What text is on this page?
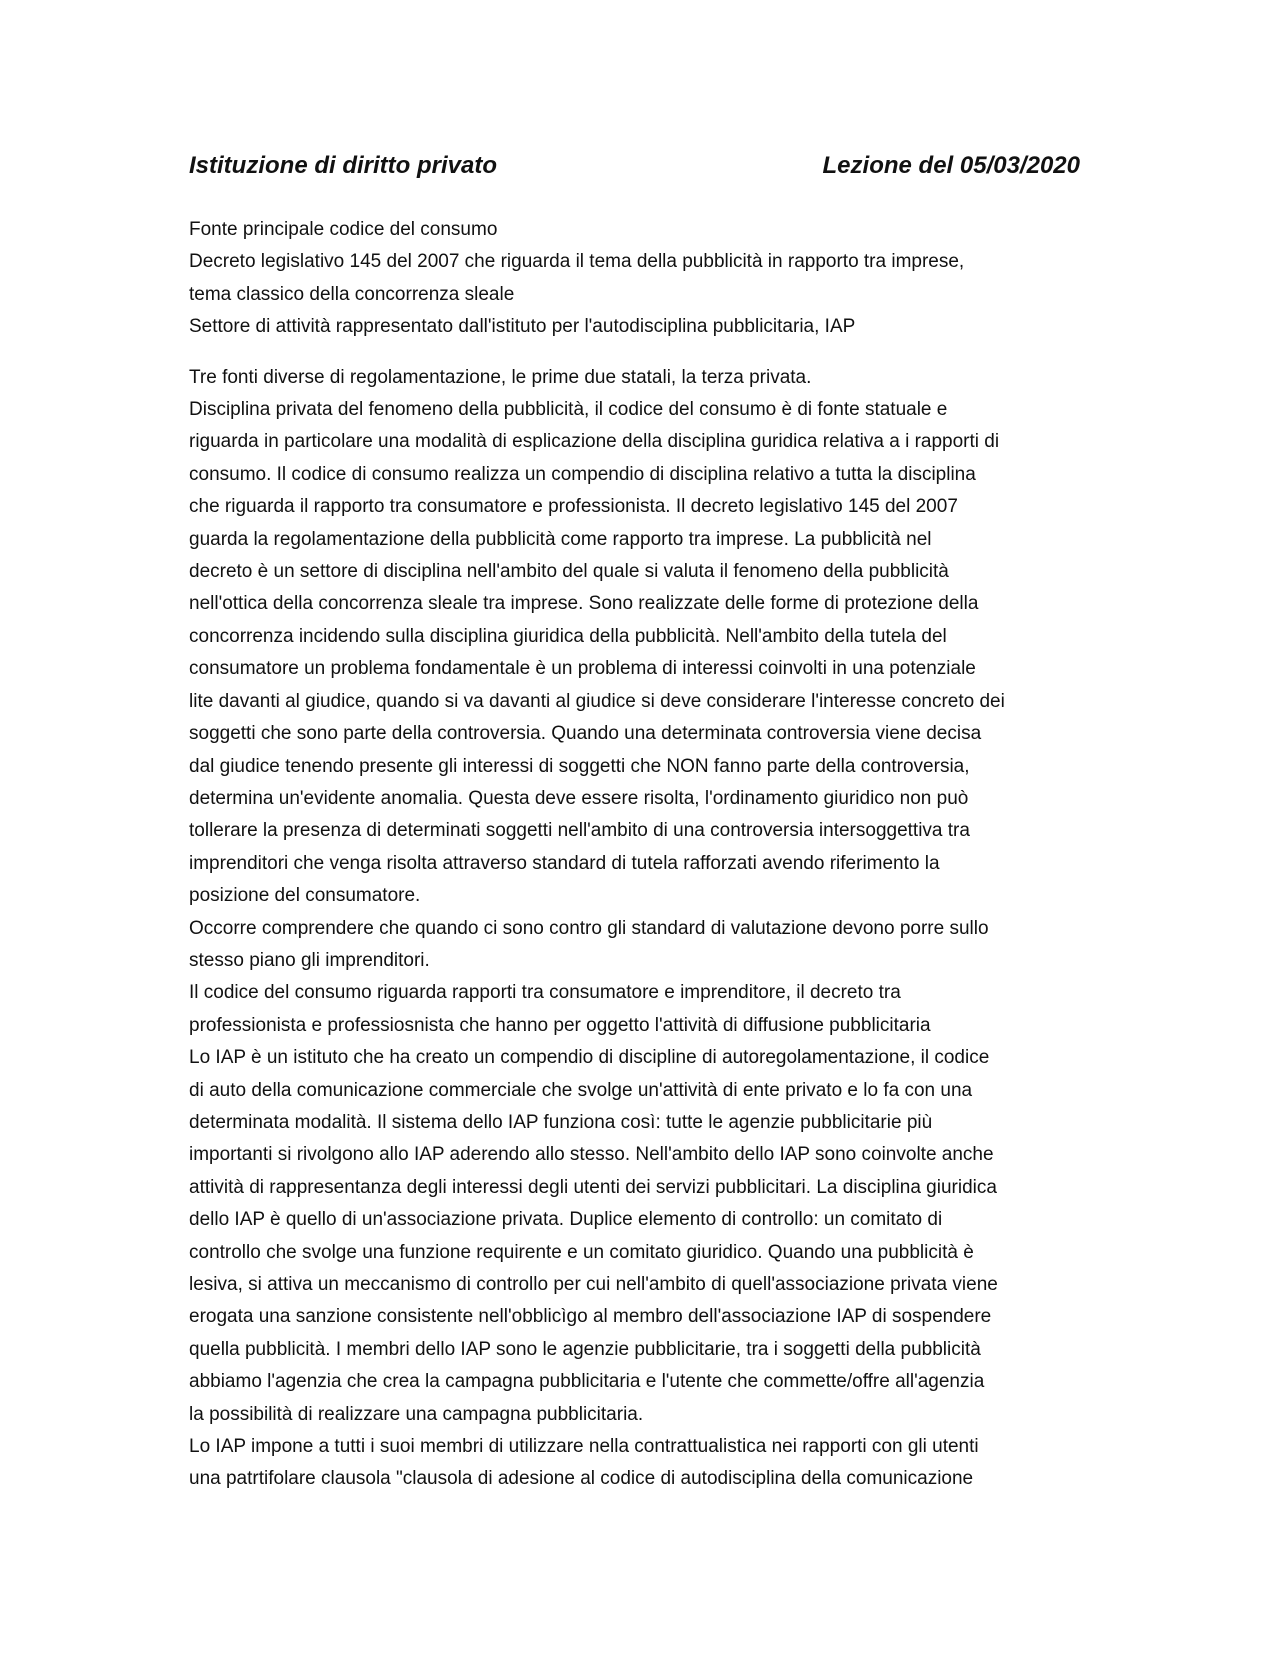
Istituzione di diritto privato	Lezione del 05/03/2020

Fonte principale codice del consumo
Decreto legislativo 145 del 2007 che riguarda il tema della pubblicità in rapporto tra imprese,
tema classico della concorrenza sleale
Settore di attività rappresentato dall'istituto per l'autodisciplina pubblicitaria, IAP

Tre fonti diverse di regolamentazione, le prime due statali, la terza privata.
Disciplina privata del fenomeno della pubblicità, il codice del consumo è di fonte statuale e
riguarda in particolare una modalità di esplicazione della disciplina guridica relativa a i rapporti di
consumo. Il codice di consumo realizza un compendio di disciplina relativo a tutta la disciplina
che riguarda il rapporto tra consumatore e professionista. Il decreto legislativo 145 del 2007
guarda la regolamentazione della pubblicità come rapporto tra imprese. La pubblicità nel
decreto è un settore di disciplina nell'ambito del quale si valuta il fenomeno della pubblicità
nell'ottica della concorrenza sleale tra imprese. Sono realizzate delle forme di protezione della
concorrenza incidendo sulla disciplina giuridica della pubblicità. Nell'ambito della tutela del
consumatore un problema fondamentale è un problema di interessi coinvolti in una potenziale
lite davanti al giudice, quando si va davanti al giudice si deve considerare l'interesse concreto dei
soggetti che sono parte della controversia. Quando una determinata controversia viene decisa
dal giudice tenendo presente gli interessi di soggetti che NON fanno parte della controversia,
determina un'evidente anomalia. Questa deve essere risolta, l'ordinamento giuridico non può
tollerare la presenza di determinati soggetti nell'ambito di una controversia intersoggettiva tra
imprenditori che venga risolta attraverso standard di tutela rafforzati avendo riferimento la
posizione del consumatore.
Occorre comprendere che quando ci sono contro gli standard di valutazione devono porre sullo
stesso piano gli imprenditori.
Il codice del consumo riguarda rapporti tra consumatore e imprenditore, il decreto tra
professionista e professiosnista che hanno per oggetto l'attività di diffusione pubblicitaria
Lo IAP è un istituto che ha creato un compendio di discipline di autoregolamentazione, il codice
di auto della comunicazione commerciale che svolge un'attività di ente privato e lo fa con una
determinata modalità. Il sistema dello IAP funziona così: tutte le agenzie pubblicitarie più
importanti si rivolgono allo IAP aderendo allo stesso. Nell'ambito dello IAP sono coinvolte anche
attività di rappresentanza degli interessi degli utenti dei servizi pubblicitari. La disciplina giuridica
dello IAP è quello di un'associazione privata. Duplice elemento di controllo: un comitato di
controllo che svolge una funzione requirente e un comitato giuridico. Quando una pubblicità è
lesiva, si attiva un meccanismo di controllo per cui nell'ambito di quell'associazione privata viene
erogata una sanzione consistente nell'obblicìgo al membro dell'associazione IAP di sospendere
quella pubblicità. I membri dello IAP sono le agenzie pubblicitarie, tra i soggetti della pubblicità
abbiamo l'agenzia che crea la campagna pubblicitaria e l'utente che commette/offre all'agenzia
la possibilità di realizzare una campagna pubblicitaria.
Lo IAP impone a tutti i suoi membri di utilizzare nella contrattualistica nei rapporti con gli utenti
una patrtifolare clausola "clausola di adesione al codice di autodisciplina della comunicazione
